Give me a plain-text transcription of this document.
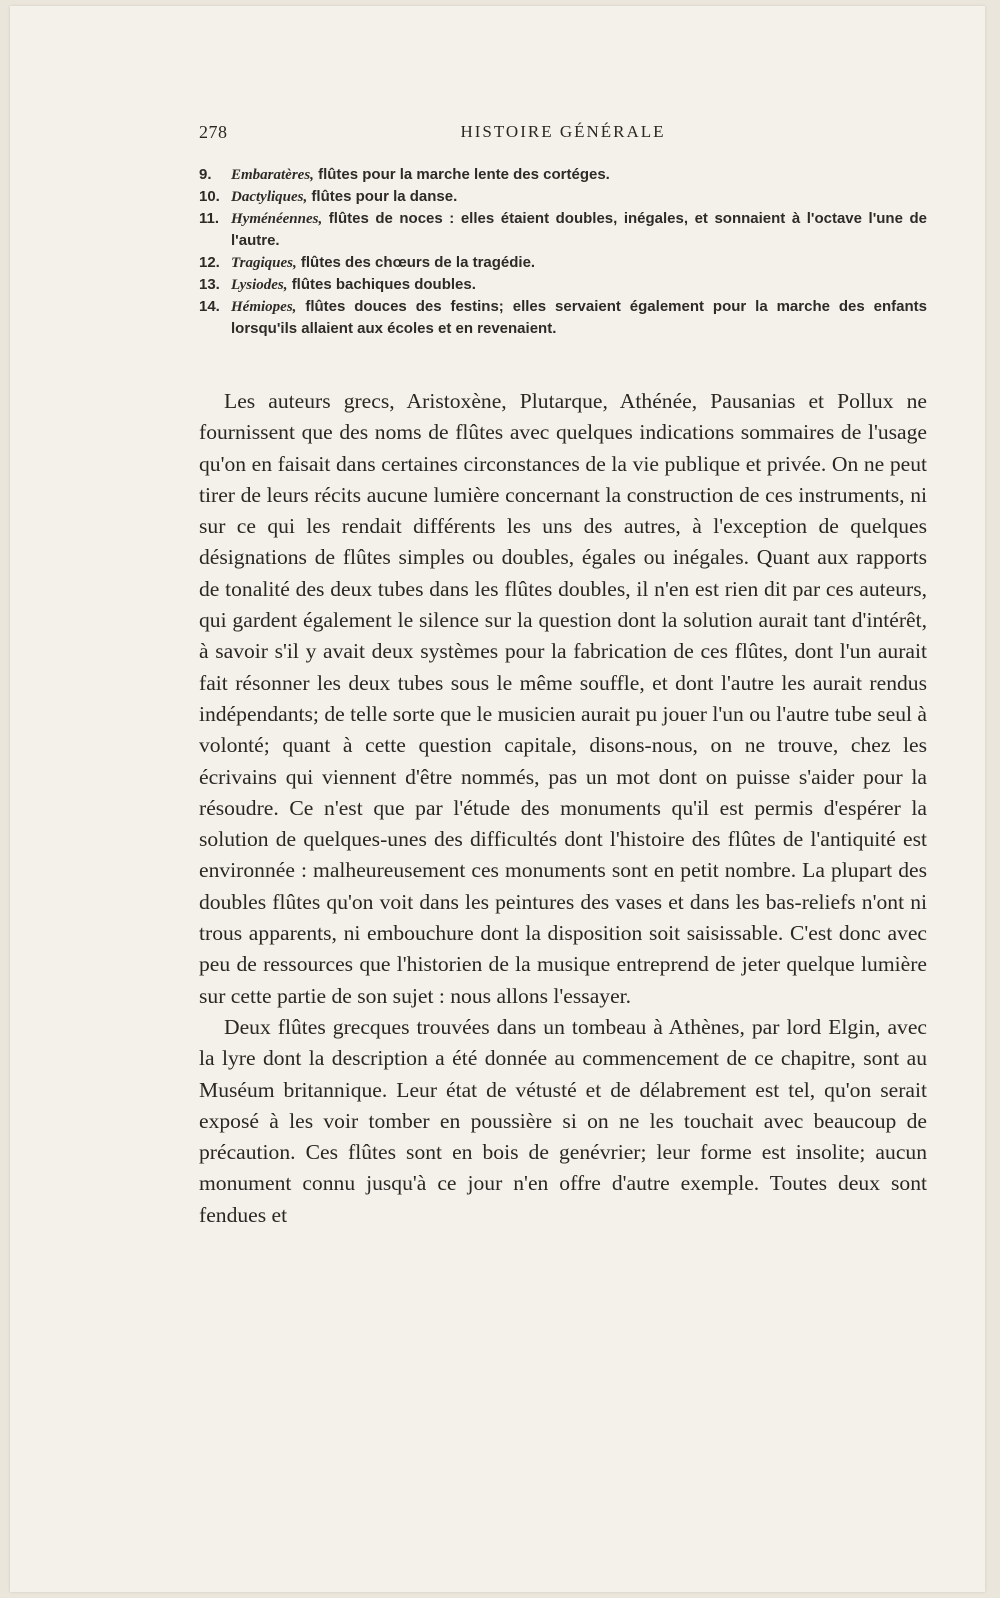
278	HISTOIRE GÉNÉRALE
9. Embaratères, flûtes pour la marche lente des cortéges.
10. Dactyliques, flûtes pour la danse.
11. Hyménéennes, flûtes de noces : elles étaient doubles, inégales, et sonnaient à l'octave l'une de l'autre.
12. Tragiques, flûtes des chœurs de la tragédie.
13. Lysiodes, flûtes bachiques doubles.
14. Hémiopes, flûtes douces des festins; elles servaient également pour la marche des enfants lorsqu'ils allaient aux écoles et en revenaient.

Les auteurs grecs, Aristoxène, Plutarque, Athénée, Pausanias et Pollux ne fournissent que des noms de flûtes avec quelques indications sommaires de l'usage qu'on en faisait dans certaines circonstances de la vie publique et privée. On ne peut tirer de leurs récits aucune lumière concernant la construction de ces instruments, ni sur ce qui les rendait différents les uns des autres, à l'exception de quelques désignations de flûtes simples ou doubles, égales ou inégales. Quant aux rapports de tonalité des deux tubes dans les flûtes doubles, il n'en est rien dit par ces auteurs, qui gardent également le silence sur la question dont la solution aurait tant d'intérêt, à savoir s'il y avait deux systèmes pour la fabrication de ces flûtes, dont l'un aurait fait résonner les deux tubes sous le même souffle, et dont l'autre les aurait rendus indépendants; de telle sorte que le musicien aurait pu jouer l'un ou l'autre tube seul à volonté; quant à cette question capitale, disons-nous, on ne trouve, chez les écrivains qui viennent d'être nommés, pas un mot dont on puisse s'aider pour la résoudre. Ce n'est que par l'étude des monuments qu'il est permis d'espérer la solution de quelques-unes des difficultés dont l'histoire des flûtes de l'antiquité est environnée : malheureusement ces monuments sont en petit nombre. La plupart des doubles flûtes qu'on voit dans les peintures des vases et dans les bas-reliefs n'ont ni trous apparents, ni embouchure dont la disposition soit saisissable. C'est donc avec peu de ressources que l'historien de la musique entreprend de jeter quelque lumière sur cette partie de son sujet : nous allons l'essayer.

Deux flûtes grecques trouvées dans un tombeau à Athènes, par lord Elgin, avec la lyre dont la description a été donnée au commencement de ce chapitre, sont au Muséum britannique. Leur état de vétusté et de délabrement est tel, qu'on serait exposé à les voir tomber en poussière si on ne les touchait avec beaucoup de précaution. Ces flûtes sont en bois de genévrier; leur forme est insolite; aucun monument connu jusqu'à ce jour n'en offre d'autre exemple. Toutes deux sont fendues et
